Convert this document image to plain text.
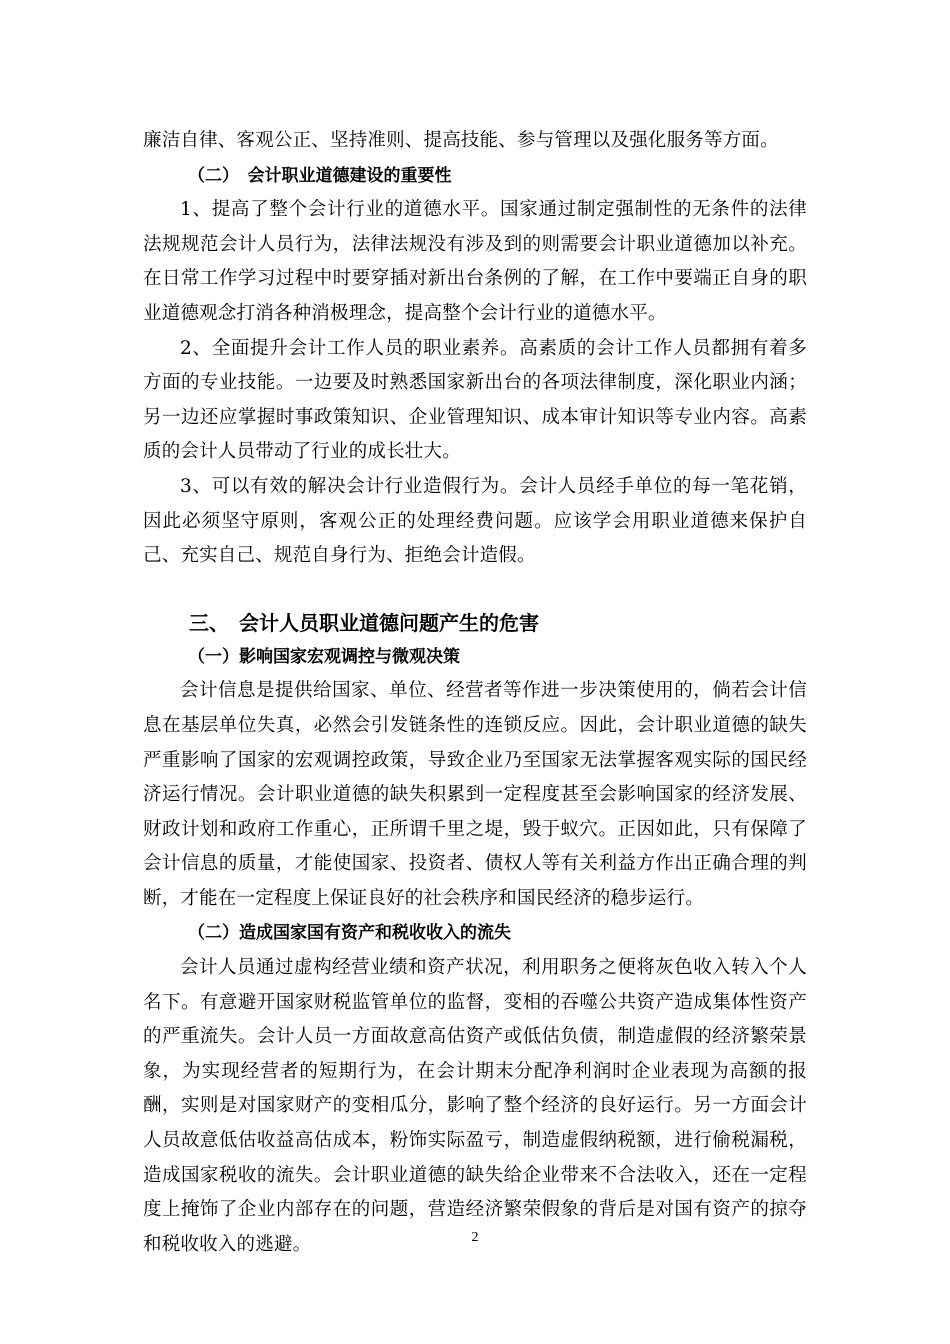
廉洁自律、客观公正、坚持准则、提高技能、参与管理以及强化服务等方面。

（二）　会计职业道德建设的重要性

1、提高了整个会计行业的道德水平。国家通过制定强制性的无条件的法律法规规范会计人员行为，法律法规没有涉及到的则需要会计职业道德加以补充。在日常工作学习过程中时要穿插对新出台条例的了解，在工作中要端正自身的职业道德观念打消各种消极理念，提高整个会计行业的道德水平。

2、全面提升会计工作人员的职业素养。高素质的会计工作人员都拥有着多方面的专业技能。一边要及时熟悉国家新出台的各项法律制度，深化职业内涵；另一边还应掌握时事政策知识、企业管理知识、成本审计知识等专业内容。高素质的会计人员带动了行业的成长壮大。

3、可以有效的解决会计行业造假行为。会计人员经手单位的每一笔花销，因此必须坚守原则，客观公正的处理经费问题。应该学会用职业道德来保护自己、充实自己、规范自身行为、拒绝会计造假。

三、　会计人员职业道德问题产生的危害

（一）影响国家宏观调控与微观决策

会计信息是提供给国家、单位、经营者等作进一步决策使用的，倘若会计信息在基层单位失真，必然会引发链条性的连锁反应。因此，会计职业道德的缺失严重影响了国家的宏观调控政策，导致企业乃至国家无法掌握客观实际的国民经济运行情况。会计职业道德的缺失积累到一定程度甚至会影响国家的经济发展、财政计划和政府工作重心，正所谓千里之堤，毁于蚁穴。正因如此，只有保障了会计信息的质量，才能使国家、投资者、债权人等有关利益方作出正确合理的判断，才能在一定程度上保证良好的社会秩序和国民经济的稳步运行。

（二）造成国家国有资产和税收收入的流失

会计人员通过虚构经营业绩和资产状况，利用职务之便将灰色收入转入个人名下。有意避开国家财税监管单位的监督，变相的吞噬公共资产造成集体性资产的严重流失。会计人员一方面故意高估资产或低估负债，制造虚假的经济繁荣景象，为实现经营者的短期行为，在会计期末分配净利润时企业表现为高额的报酬，实则是对国家财产的变相瓜分，影响了整个经济的良好运行。另一方面会计人员故意低估收益高估成本，粉饰实际盈亏，制造虚假纳税额，进行偷税漏税，造成国家税收的流失。会计职业道德的缺失给企业带来不合法收入，还在一定程度上掩饰了企业内部存在的问题，营造经济繁荣假象的背后是对国有资产的掠夺和税收收入的逃避。	2
